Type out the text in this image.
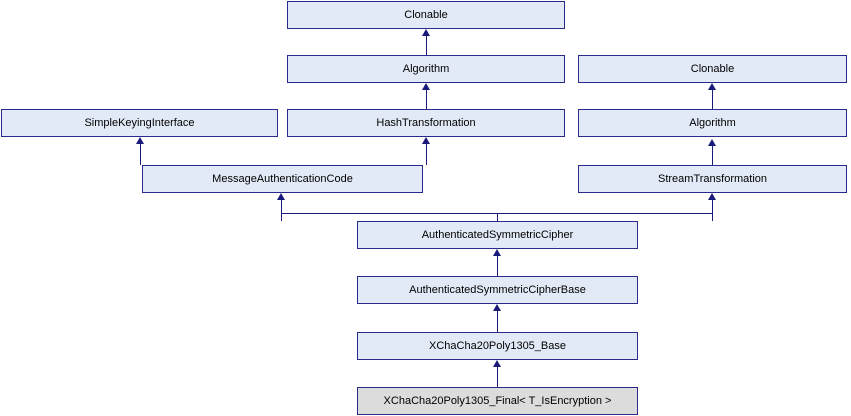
Clonable
Algorithm	Clonable
SimpleKeyingInterface	HashTransformation	Algorithm
MessageAuthenticationCode	StreamTransformation
AuthenticatedSymmetricCipher
AuthenticatedSymmetricCipherBase
XChaCha20Poly1305_Base
XChaCha20Poly1305_Final< T_IsEncryption >
